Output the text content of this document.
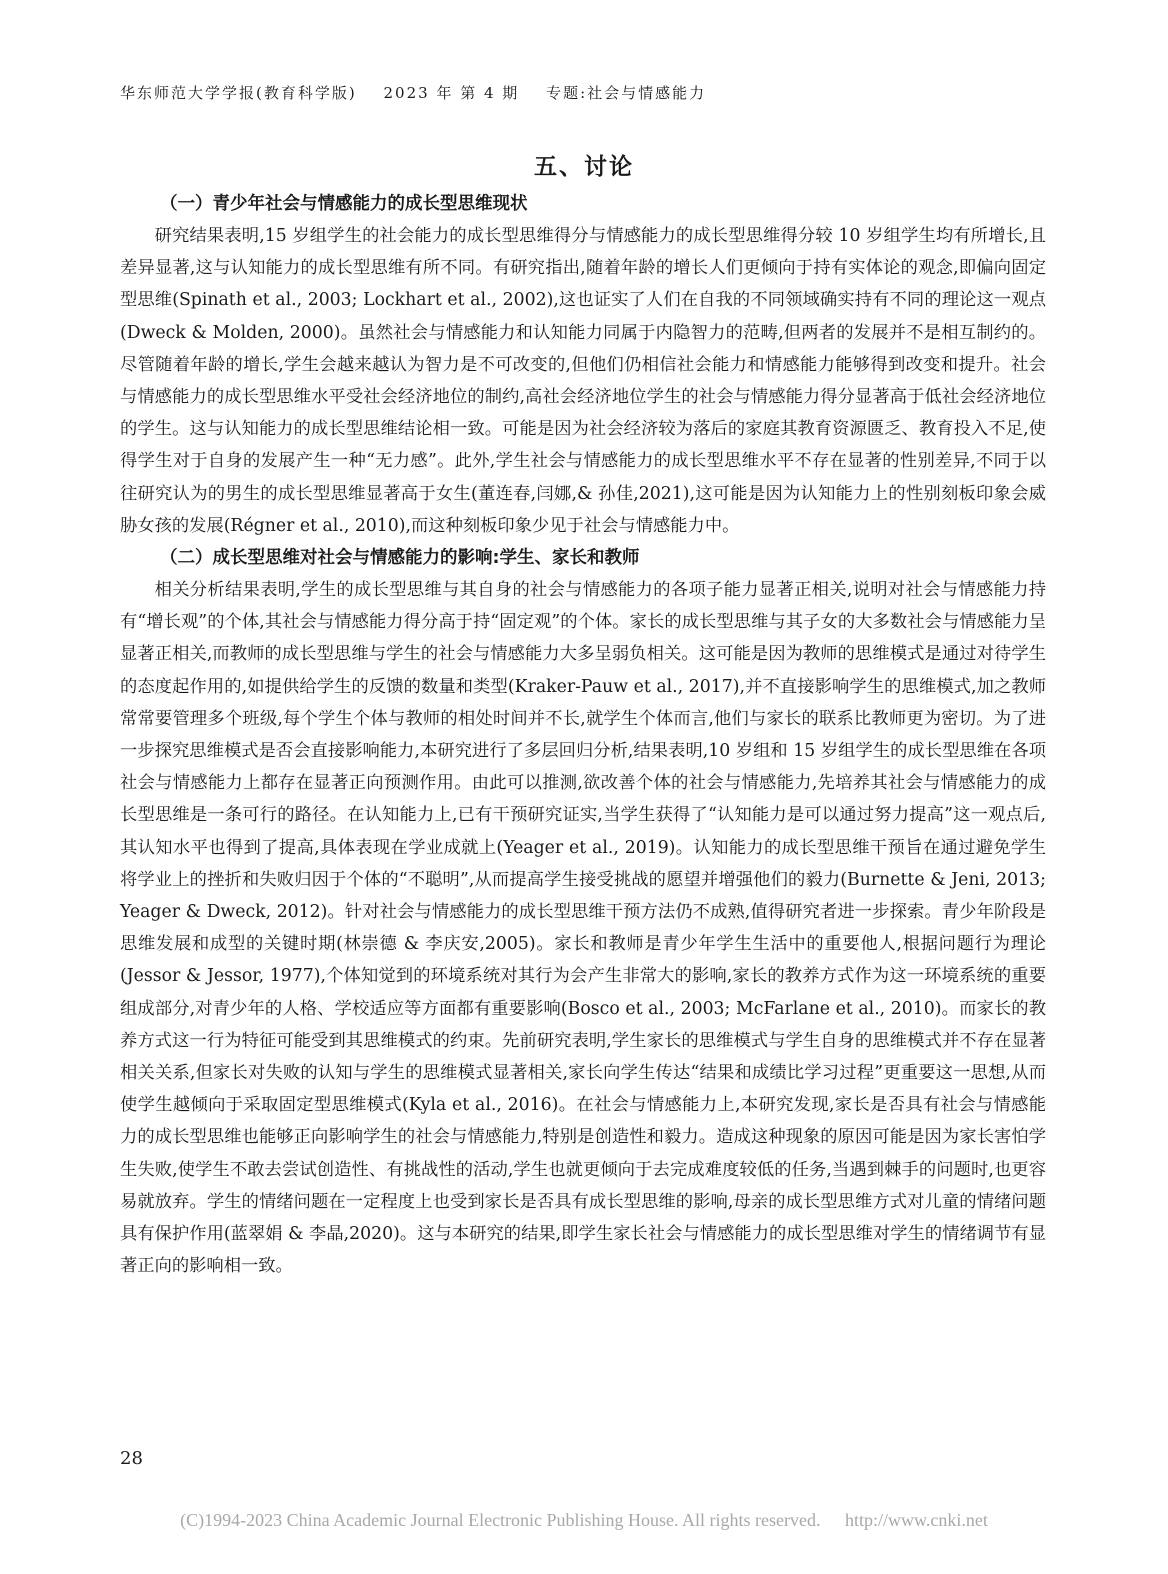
华东师范大学学报(教育科学版) 2023 年 第 4 期 专题:社会与情感能力
五、讨论
（一）青少年社会与情感能力的成长型思维现状

研究结果表明,15 岁组学生的社会能力的成长型思维得分与情感能力的成长型思维得分较 10 岁组学生均有所增长,且差异显著,这与认知能力的成长型思维有所不同。有研究指出,随着年龄的增长人们更倾向于持有实体论的观念,即偏向固定型思维(Spinath et al., 2003; Lockhart et al., 2002),这也证实了人们在自我的不同领域确实持有不同的理论这一观点(Dweck & Molden, 2000)。虽然社会与情感能力和认知能力同属于内隐智力的范畴,但两者的发展并不是相互制约的。尽管随着年龄的增长,学生会越来越认为智力是不可改变的,但他们仍相信社会能力和情感能力能够得到改变和提升。社会与情感能力的成长型思维水平受社会经济地位的制约,高社会经济地位学生的社会与情感能力得分显著高于低社会经济地位的学生。这与认知能力的成长型思维结论相一致。可能是因为社会经济较为落后的家庭其教育资源匮乏、教育投入不足,使得学生对于自身的发展产生一种“无力感”。此外,学生社会与情感能力的成长型思维水平不存在显著的性别差异,不同于以往研究认为的男生的成长型思维显著高于女生(董连春,闫娜,& 孙佳,2021),这可能是因为认知能力上的性别刻板印象会威胁女孩的发展(Régner et al., 2010),而这种刻板印象少见于社会与情感能力中。

（二）成长型思维对社会与情感能力的影响:学生、家长和教师

相关分析结果表明,学生的成长型思维与其自身的社会与情感能力的各项子能力显著正相关,说明对社会与情感能力持有“增长观”的个体,其社会与情感能力得分高于持“固定观”的个体。家长的成长型思维与其子女的大多数社会与情感能力呈显著正相关,而教师的成长型思维与学生的社会与情感能力大多呈弱负相关。这可能是因为教师的思维模式是通过对待学生的态度起作用的,如提供给学生的反馈的数量和类型(Kraker-Pauw et al., 2017),并不直接影响学生的思维模式,加之教师常常要管理多个班级,每个学生个体与教师的相处时间并不长,就学生个体而言,他们与家长的联系比教师更为密切。为了进一步探究思维模式是否会直接影响能力,本研究进行了多层回归分析,结果表明,10 岁组和 15 岁组学生的成长型思维在各项社会与情感能力上都存在显著正向预测作用。由此可以推测,欲改善个体的社会与情感能力,先培养其社会与情感能力的成长型思维是一条可行的路径。在认知能力上,已有干预研究证实,当学生获得了“认知能力是可以通过努力提高”这一观点后,其认知水平也得到了提高,具体表现在学业成就上(Yeager et al., 2019)。认知能力的成长型思维干预旨在通过避免学生将学业上的挫折和失败归因于个体的“不聪明”,从而提高学生接受挑战的愿望并增强他们的毅力(Burnette & Jeni, 2013; Yeager & Dweck, 2012)。针对社会与情感能力的成长型思维干预方法仍不成熟,值得研究者进一步探索。青少年阶段是思维发展和成型的关键时期(林崇德 & 李庆安,2005)。家长和教师是青少年学生生活中的重要他人,根据问题行为理论(Jessor & Jessor, 1977),个体知觉到的环境系统对其行为会产生非常大的影响,家长的教养方式作为这一环境系统的重要组成部分,对青少年的人格、学校适应等方面都有重要影响(Bosco et al., 2003; McFarlane et al., 2010)。而家长的教养方式这一行为特征可能受到其思维模式的约束。先前研究表明,学生家长的思维模式与学生自身的思维模式并不存在显著相关关系,但家长对失败的认知与学生的思维模式显著相关,家长向学生传达“结果和成绩比学习过程”更重要这一思想,从而使学生越倾向于采取固定型思维模式(Kyla et al., 2016)。在社会与情感能力上,本研究发现,家长是否具有社会与情感能力的成长型思维也能够正向影响学生的社会与情感能力,特别是创造性和毅力。造成这种现象的原因可能是因为家长害怕学生失败,使学生不敢去尝试创造性、有挑战性的活动,学生也就更倾向于去完成难度较低的任务,当遇到棘手的问题时,也更容易就放弃。学生的情绪问题在一定程度上也受到家长是否具有成长型思维的影响,母亲的成长型思维方式对儿童的情绪问题具有保护作用(蓝翠娟 & 李晶,2020)。这与本研究的结果,即学生家长社会与情感能力的成长型思维对学生的情绪调节有显著正向的影响相一致。

28
(C)1994-2023 China Academic Journal Electronic Publishing House. All rights reserved. http://www.cnki.net
